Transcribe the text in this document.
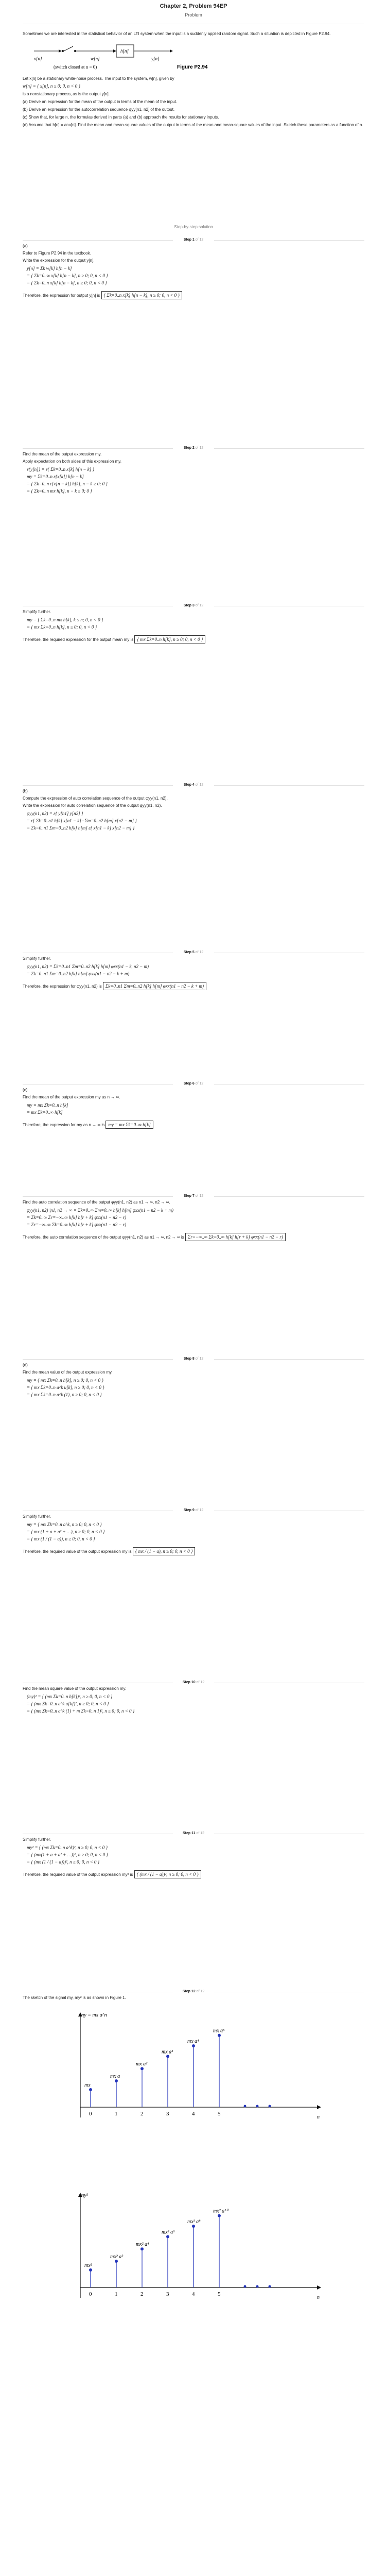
Chapter 2, Problem 94EP
Problem

Sometimes we are interested in the statistical behavior of an LTI system when the input is a suddenly applied random signal. Such a situation is depicted in Figure P2.94.

x[n]	w[n]
h[n]
y[n]
(switch closed at n = 0)	Figure P2.94

Let x[n] be a stationary white-noise process. The input to the system, w[n], given by

w[n] = { x[n], n ≥ 0; 0, n < 0 }

is a nonstationary process, as is the output y[n].

(a) Derive an expression for the mean of the output in terms of the mean of the input.

(b) Derive an expression for the autocorrelation sequence φyy[n1, n2] of the output.

(c) Show that, for large n, the formulas derived in parts (a) and (b) approach the results for stationary inputs.

(d) Assume that h[n] = anu[n]. Find the mean and mean-square values of the output in terms of the mean and mean-square values of the input. Sketch these parameters as a function of n.

Step-by-step solution
Step 1 of 12
(a)
Refer to Figure P2.94 in the textbook.
Write the expression for the output y[n].
y[n] = Σk w[k] h[n − k]
= { Σk=0..∞ x[k] h[n − k], n ≥ 0; 0, n < 0 }
= { Σk=0..n x[k] h[n − k], n ≥ 0; 0, n < 0 }
Therefore, the expression for output y[n] is { Σk=0..n x[k] h[n − k], n ≥ 0; 0, n < 0 }
Step 2 of 12
Find the mean of the output expression my.
Apply expectation on both sides of this expression my.
ε{y[n]} = ε{ Σk=0..n x[k] h[n − k] }
my = Σk=0..n ε{x[k]} h[n − k]
= { Σk=0..n ε{x[n − k]} h[k], n − k ≥ 0; 0 }
= { Σk=0..n mx h[k], n − k ≥ 0; 0 }
Step 3 of 12
Simplify further.
my = { Σk=0..n mx h[k], k ≤ n; 0, n < 0 }
= { mx Σk=0..n h[k], n ≥ 0; 0, n < 0 }
Therefore, the required expression for the output mean my is { mx Σk=0..n h[k], n ≥ 0; 0, n < 0 }
Step 4 of 12
(b)
Compute the expression of auto correlation sequence of the output φyy(n1, n2).
Write the expression for auto correlation sequence of the output φyy(n1, n2).
φyy(n1, n2) = ε{ y[n1] y[n2] }
= ε{ Σk=0..n1 h[k] x[n1 − k] · Σm=0..n2 h[m] x[n2 − m] }
= Σk=0..n1 Σm=0..n2 h[k] h[m] ε{ x[n1 − k] x[n2 − m] }
Step 5 of 12
Simplify further.
φyy(n1, n2) = Σk=0..n1 Σm=0..n2 h[k] h[m] φxx(n1 − k, n2 − m)
= Σk=0..n1 Σm=0..n2 h[k] h[m] φxx(n1 − n2 − k + m)
Therefore, the expression for φyy(n1, n2) is Σk=0..n1 Σm=0..n2 h[k] h[m] φxx(n1 − n2 − k + m)
Step 6 of 12
(c)
Find the mean of the output expression my as n → ∞.
my = mx Σk=0..n h[k]
= mx Σk=0..∞ h[k]
Therefore, the expression for my as n → ∞ is my = mx Σk=0..∞ h[k]
Step 7 of 12
Find the auto correlation sequence of the output φyy(n1, n2) as n1 → ∞, n2 → ∞.
φyy(n1, n2) |n1, n2 → ∞ = Σk=0..∞ Σm=0..∞ h[k] h[m] φxx(n1 − n2 − k + m)
= Σk=0..∞ Σr=−∞..∞ h[k] h[r + k] φxx(n1 − n2 − r)
= Σr=−∞..∞ Σk=0..∞ h[k] h[r + k] φxx(n1 − n2 − r)
Therefore, the auto correlation sequence of the output φyy(n1, n2) as n1 → ∞, n2 → ∞ is Σr=−∞..∞ Σk=0..∞ h[k] h[r + k] φxx(n1 − n2 − r)
Step 8 of 12
(d)
Find the mean value of the output expression my.
my = { mx Σk=0..n h[k], n ≥ 0; 0, n < 0 }
= { mx Σk=0..n a^k u[k], n ≥ 0; 0, n < 0 }
= { mx Σk=0..n a^k (1), n ≥ 0; 0, n < 0 }
Step 9 of 12
Simplify further.
my = { mx Σk=0..n a^k, n ≥ 0; 0, n < 0 }
= { mx (1 + a + a² + …), n ≥ 0; 0, n < 0 }
= { mx (1 / (1 − a)), n ≥ 0; 0, n < 0 }
Therefore, the required value of the output expression my is { mx / (1 − a), n ≥ 0; 0, n < 0 }
Step 10 of 12
Find the mean square value of the output expression my.
(my)² = { (mx Σk=0..n h[k])², n ≥ 0; 0, n < 0 }
= { (mx Σk=0..n a^k u[k])², n ≥ 0; 0, n < 0 }
= { (mx Σk=0..n a^k (1) + m Σk=0..n 1)², n ≥ 0; 0, n < 0 }
Step 11 of 12
Simplify further.
my² = { (mx Σk=0..n a^k)², n ≥ 0; 0, n < 0 }
= { (mx(1 + a + a² + …))², n ≥ 0; 0, n < 0 }
= { (mx (1 / (1 − a)))², n ≥ 0; 0, n < 0 }
Therefore, the required value of the output expression my² is { (mx / (1 − a))², n ≥ 0; 0, n < 0 }
Step 12 of 12
The sketch of the signal my, my² is as shown in Figure 1.
my = mx a^n
n
mx
0
mx a
1
mx a²
2
mx a³
3
mx a⁴
4
mx a⁵
5
my²
n
mx²
0
mx² a²
1
mx² a⁴
2
mx² a⁶
3
mx² a⁸
4
mx² a¹⁰
5
